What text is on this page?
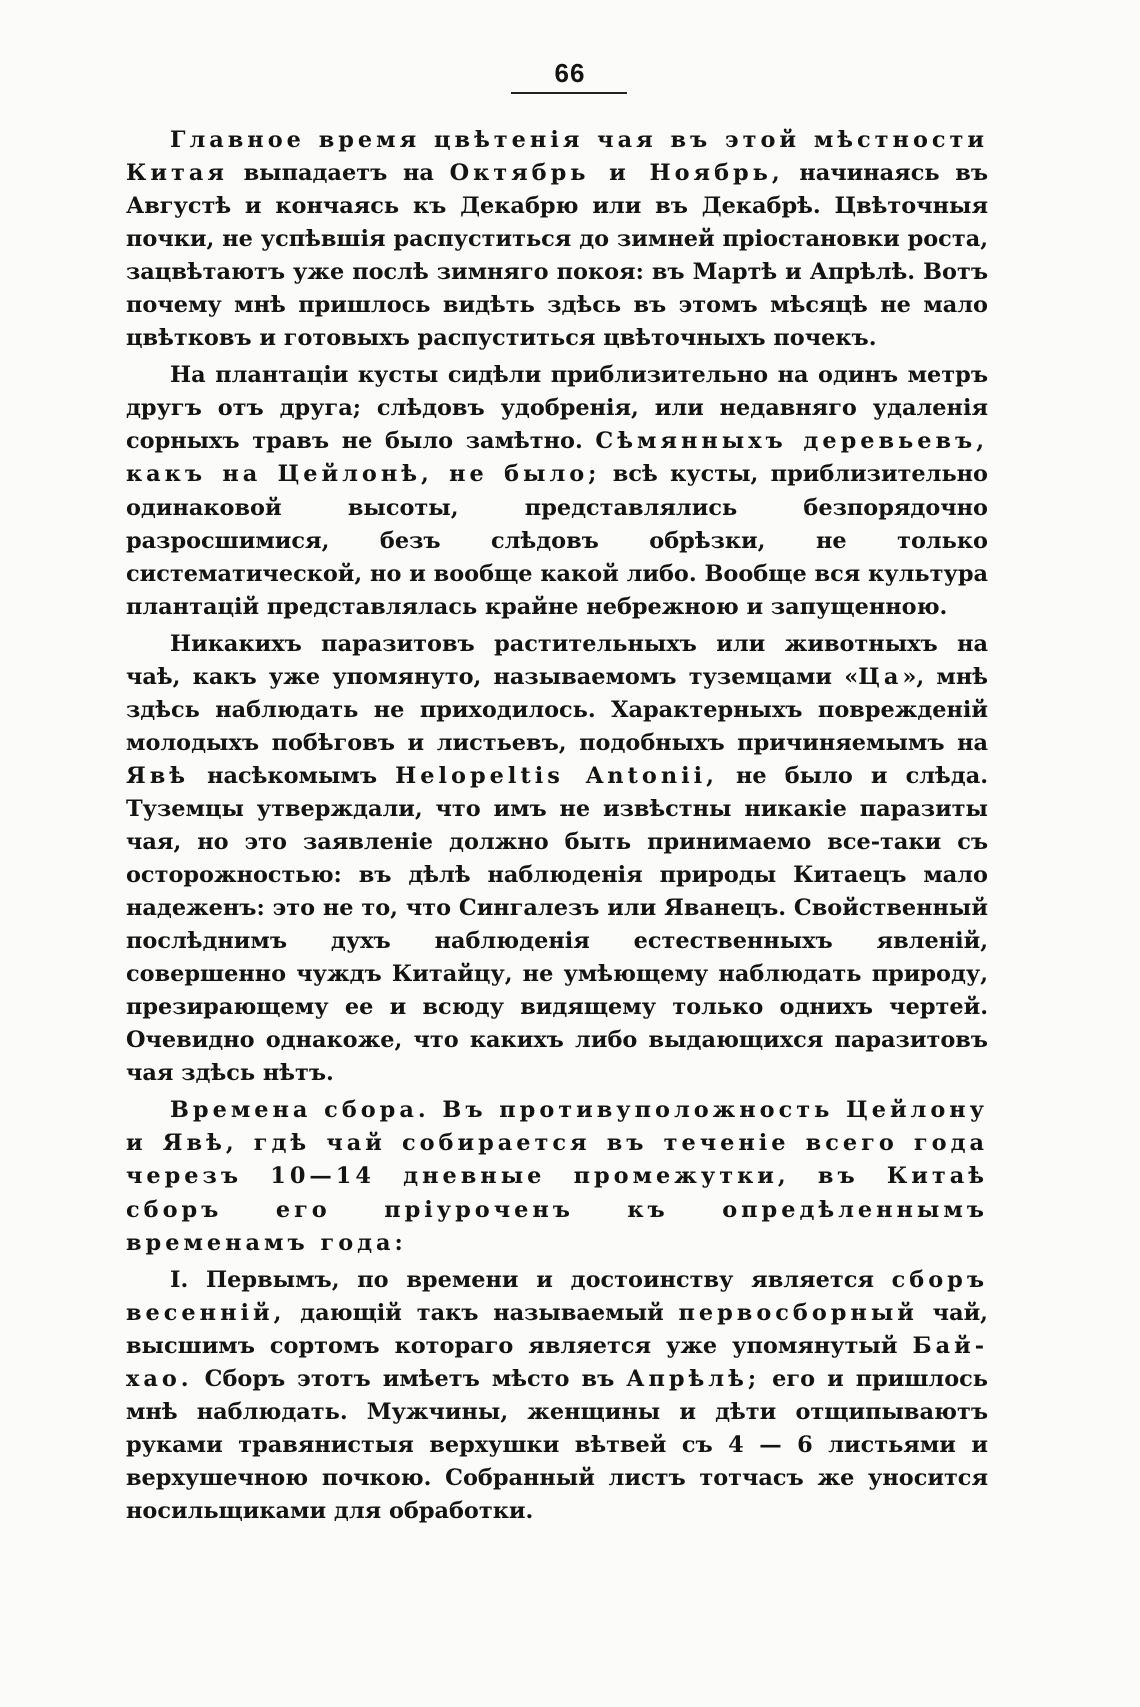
66

Главное время цвѣтенія чая въ этой мѣстности Китая выпадаетъ на Октябрь и Ноябрь, начинаясь въ Августѣ и кончаясь къ Декабрю или въ Декабрѣ. Цвѣточныя почки, не успѣвшія распуститься до зимней пріостановки роста, зацвѣтаютъ уже послѣ зимняго покоя: въ Мартѣ и Апрѣлѣ. Вотъ почему мнѣ пришлось видѣть здѣсь въ этомъ мѣсяцѣ не мало цвѣтковъ и готовыхъ распуститься цвѣточныхъ почекъ.

На плантаціи кусты сидѣли приблизительно на одинъ метръ другъ отъ друга; слѣдовъ удобренія, или недавняго удаленія сорныхъ травъ не было замѣтно. Сѣмянныхъ деревьевъ, какъ на Цейлонѣ, не было; всѣ кусты, приблизительно одинаковой высоты, представлялись безпорядочно разросшимися, безъ слѣдовъ обрѣзки, не только систематической, но и вообще какой либо. Вообще вся культура плантацій представлялась крайне небрежною и запущенною.

Никакихъ паразитовъ растительныхъ или животныхъ на чаѣ, какъ уже упомянуто, называемомъ туземцами «Ца», мнѣ здѣсь наблюдать не приходилось. Характерныхъ поврежденій молодыхъ побѣговъ и листьевъ, подобныхъ причиняемымъ на Явѣ насѣкомымъ Helopeltis Antonii, не было и слѣда. Туземцы утверждали, что имъ не извѣстны никакіе паразиты чая, но это заявленіе должно быть принимаемо все-таки съ осторожностью: въ дѣлѣ наблюденія природы Китаецъ мало надеженъ: это не то, что Сингалезъ или Яванецъ. Свойственный послѣднимъ духъ наблюденія естественныхъ явленій, совершенно чуждъ Китайцу, не умѣющему наблюдать природу, презирающему ее и всюду видящему только однихъ чертей. Очевидно однакоже, что какихъ либо выдающихся паразитовъ чая здѣсь нѣтъ.

Времена сбора. Въ противуположность Цейлону и Явѣ, гдѣ чай собирается въ теченіе всего года черезъ 10—14 дневные промежутки, въ Китаѣ сборъ его пріуроченъ къ опредѣленнымъ временамъ года:

I. Первымъ, по времени и достоинству является сборъ весенній, дающій такъ называемый первосборный чай, высшимъ сортомъ котораго является уже упомянутый Бай-хао. Сборъ этотъ имѣетъ мѣсто въ Апрѣлѣ; его и пришлось мнѣ наблюдать. Мужчины, женщины и дѣти отщипываютъ руками травянистыя верхушки вѣтвей съ 4 — 6 листьями и верхушечною почкою. Собранный листъ тотчасъ же уносится носильщиками для обработки.
